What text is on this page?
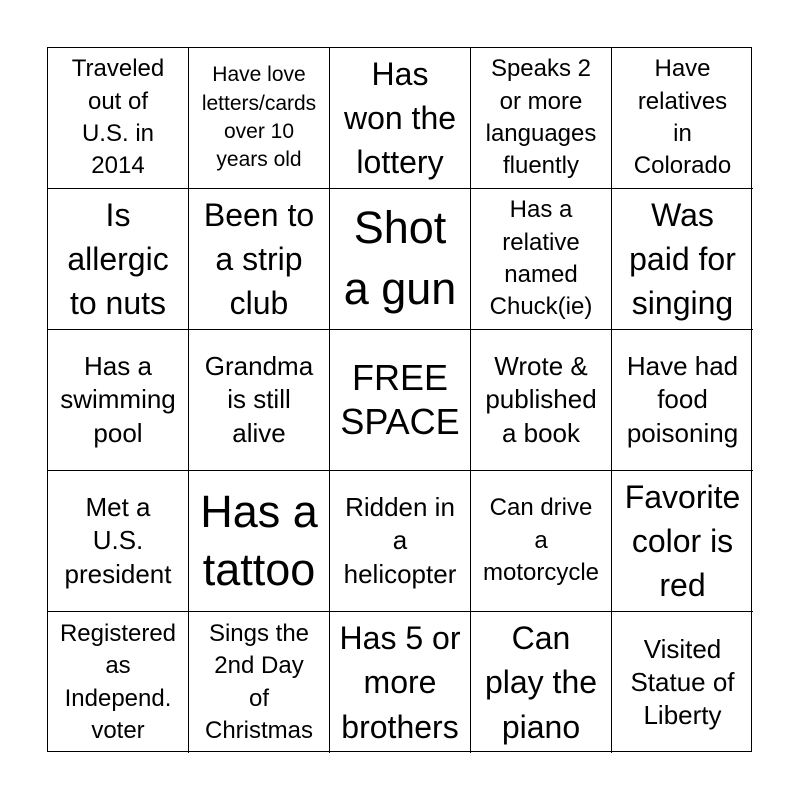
Traveled
out of
U.S. in
2014
Have love
letters/cards
over 10
years old
Has
won the
lottery
Speaks 2
or more
languages
fluently
Have
relatives
in
Colorado
Is
allergic
to nuts
Been to
a strip
club
Shot
a gun
Has a
relative
named
Chuck(ie)
Was
paid for
singing
Has a
swimming
pool
Grandma
is still
alive
FREE
SPACE
Wrote &
published
a book
Have had
food
poisoning
Met a
U.S.
president
Has a
tattoo
Ridden in
a
helicopter
Can drive
a
motorcycle
Favorite
color is
red
Registered
as
Independ.
voter
Sings the
2nd Day
of
Christmas
Has 5 or
more
brothers
Can
play the
piano
Visited
Statue of
Liberty
